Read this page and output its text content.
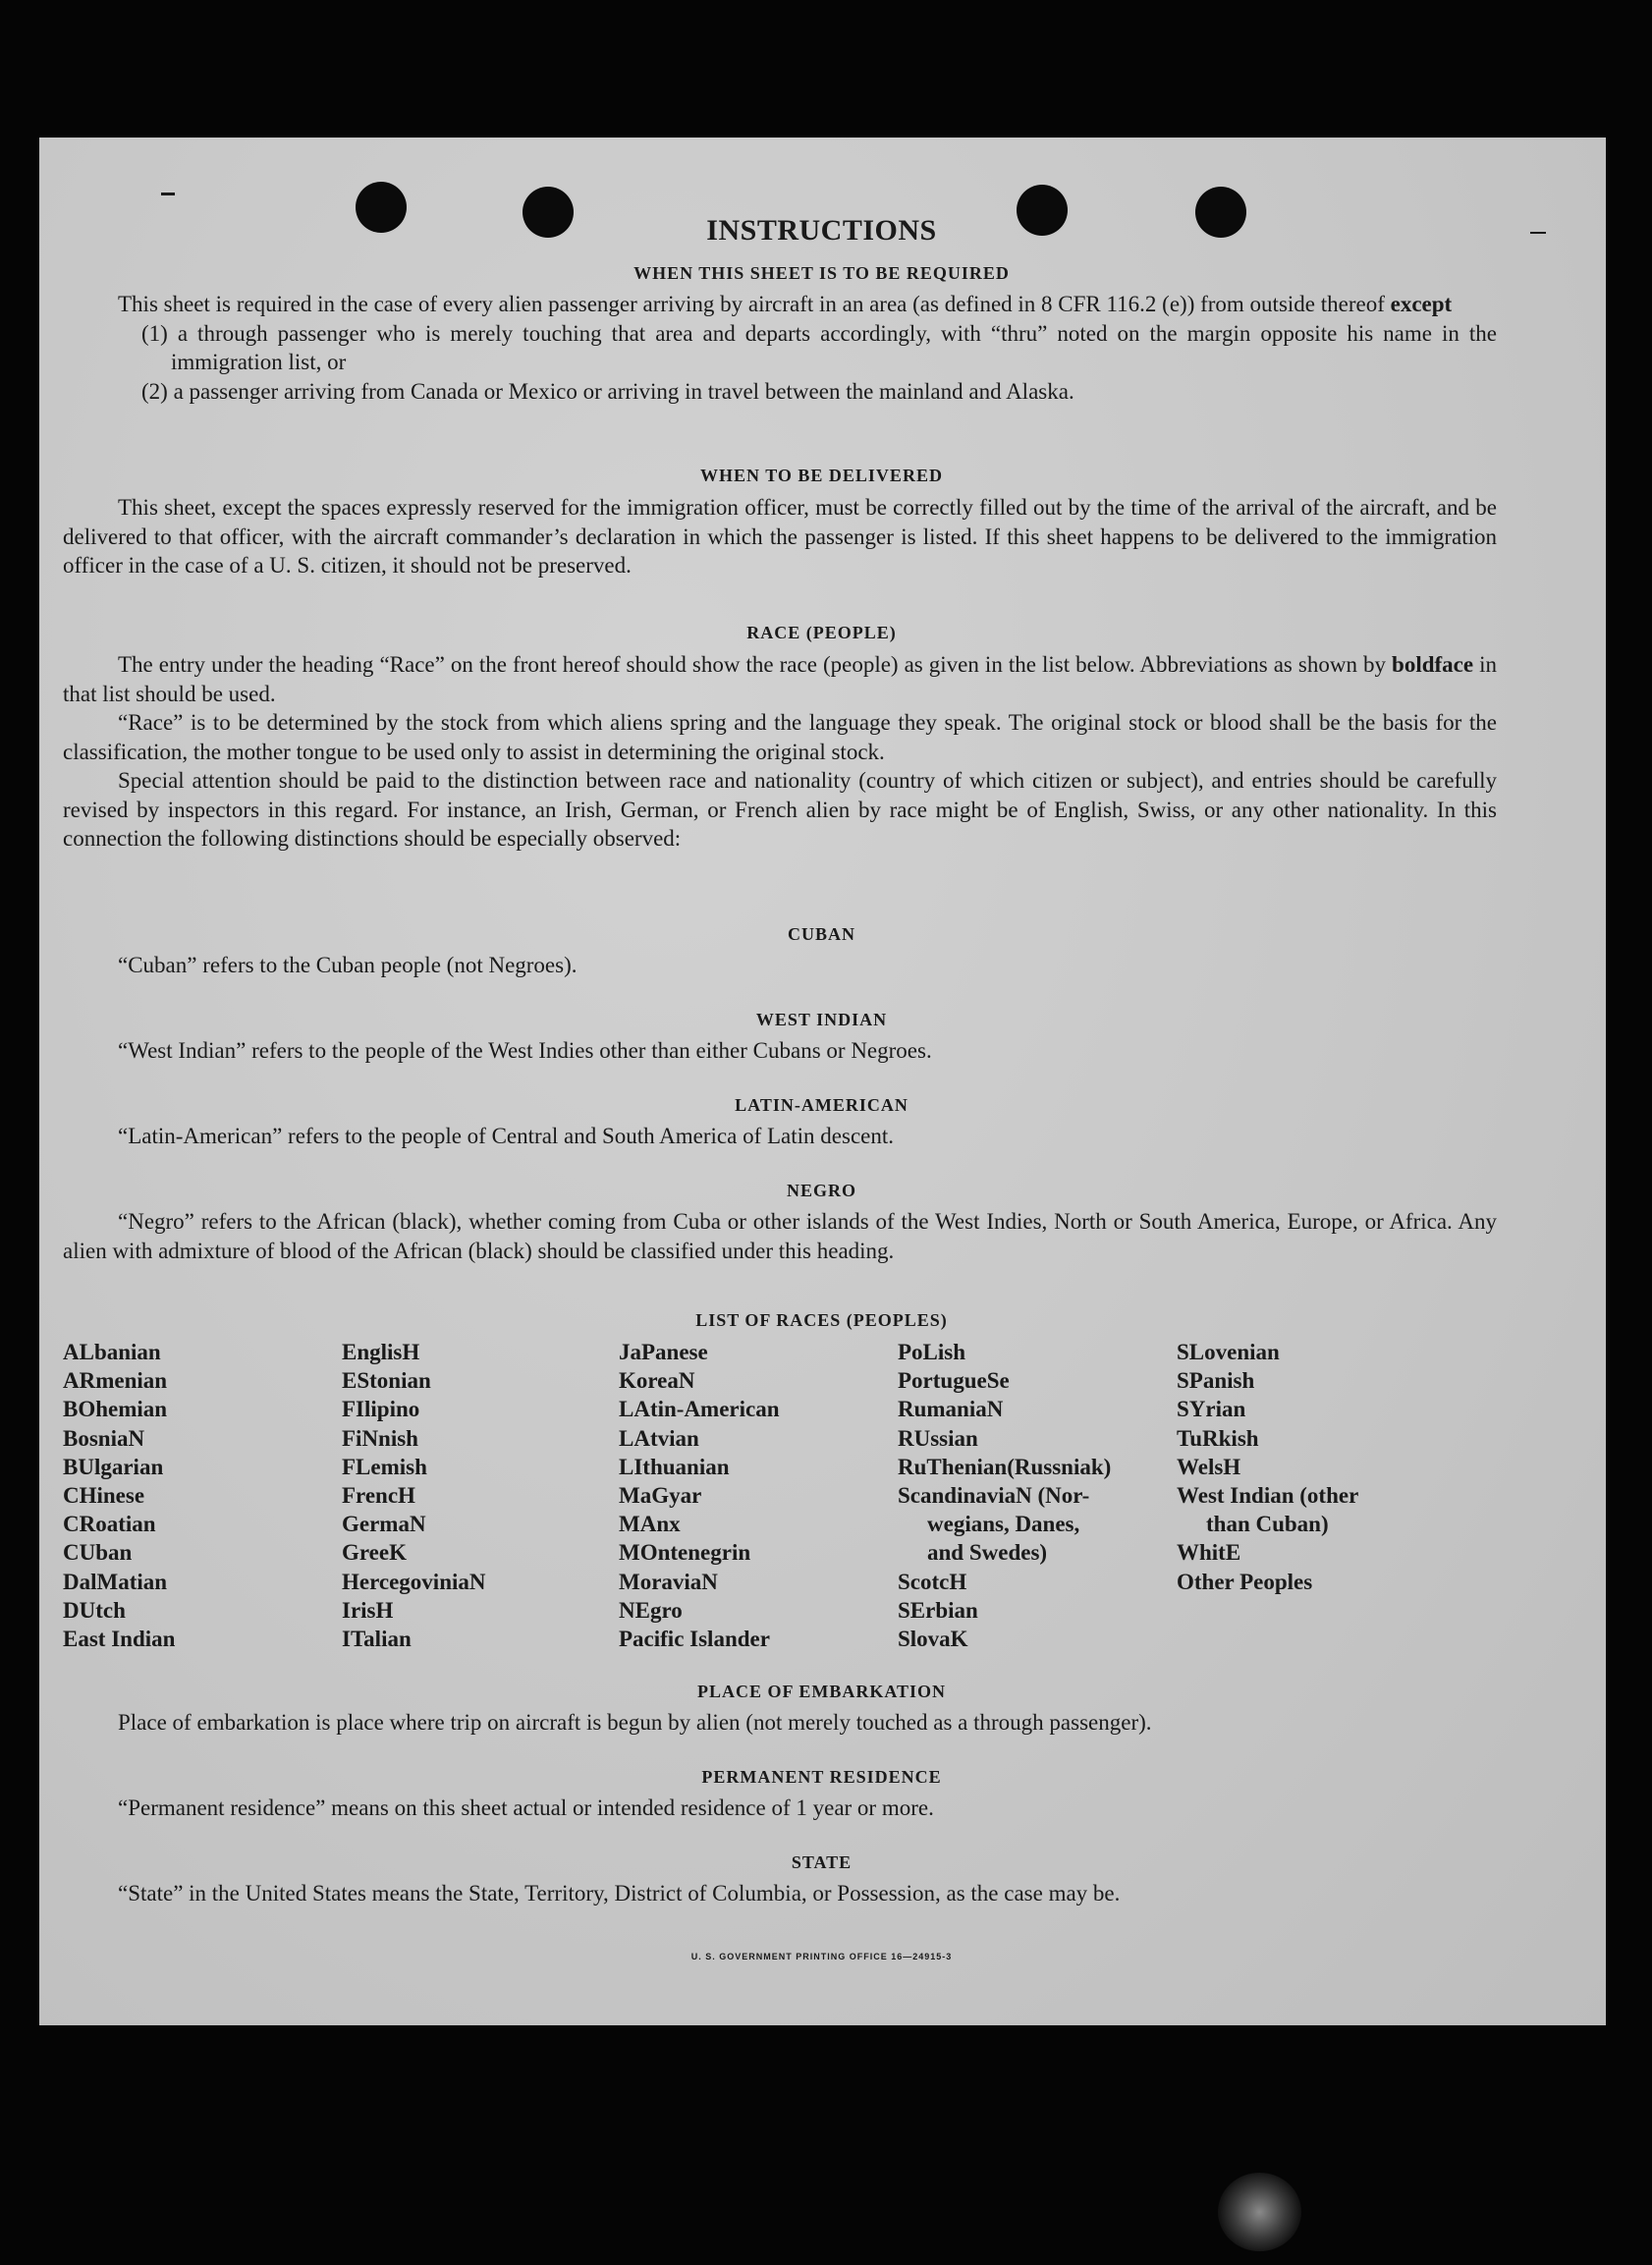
INSTRUCTIONS
WHEN THIS SHEET IS TO BE REQUIRED

This sheet is required in the case of every alien passenger arriving by aircraft in an area (as defined in 8 CFR 116.2 (e)) from outside thereof except

(1) a through passenger who is merely touching that area and departs accordingly, with “thru” noted on the margin opposite his name in the immigration list, or

(2) a passenger arriving from Canada or Mexico or arriving in travel between the mainland and Alaska.

WHEN TO BE DELIVERED
This sheet, except the spaces expressly reserved for the immigration officer, must be correctly filled out by the time of the arrival of the aircraft, and be delivered to that officer, with the aircraft commander’s declaration in which the passenger is listed. If this sheet happens to be delivered to the immigration officer in the case of a U. S. citizen, it should not be preserved.
RACE (PEOPLE)

The entry under the heading “Race” on the front hereof should show the race (people) as given in the list below. Abbreviations as shown by boldface in that list should be used.

“Race” is to be determined by the stock from which aliens spring and the language they speak. The original stock or blood shall be the basis for the classification, the mother tongue to be used only to assist in determining the original stock.

Special attention should be paid to the distinction between race and nationality (country of which citizen or subject), and entries should be carefully revised by inspectors in this regard. For instance, an Irish, German, or French alien by race might be of English, Swiss, or any other nationality. In this connection the following distinctions should be especially observed:

CUBAN
“Cuban” refers to the Cuban people (not Negroes).
WEST INDIAN
“West Indian” refers to the people of the West Indies other than either Cubans or Negroes.
LATIN-AMERICAN
“Latin-American” refers to the people of Central and South America of Latin descent.
NEGRO
“Negro” refers to the African (black), whether coming from Cuba or other islands of the West Indies, North or South America, Europe, or Africa. Any alien with admixture of blood of the African (black) should be classified under this heading.
LIST OF RACES (PEOPLES)
ALbanian
ARmenian
BOhemian
BosniaN
BUlgarian
CHinese
CRoatian
CUban
DalMatian
DUtch
East Indian
EnglisH
EStonian
FIlipino
FiNnish
FLemish
FrencH
GermaN
GreeK
HercegoviniaN
IrisH
ITalian
JaPanese
KoreaN
LAtin-American
LAtvian
LIthuanian
MaGyar
MAnx
MOntenegrin
MoraviaN
NEgro
Pacific Islander
PoLish
PortugueSe
RumaniaN
RUssian
RuThenian(Russniak)
ScandinaviaN (Nor-
wegians, Danes,
and Swedes)
ScotcH
SErbian
SlovaK
SLovenian
SPanish
SYrian
TuRkish
WelsH
West Indian (other
than Cuban)
WhitE
Other Peoples
PLACE OF EMBARKATION
Place of embarkation is place where trip on aircraft is begun by alien (not merely touched as a through passenger).
PERMANENT RESIDENCE
“Permanent residence” means on this sheet actual or intended residence of 1 year or more.
STATE
“State” in the United States means the State, Territory, District of Columbia, or Possession, as the case may be.
U. S. GOVERNMENT PRINTING OFFICE 16—24915-3
